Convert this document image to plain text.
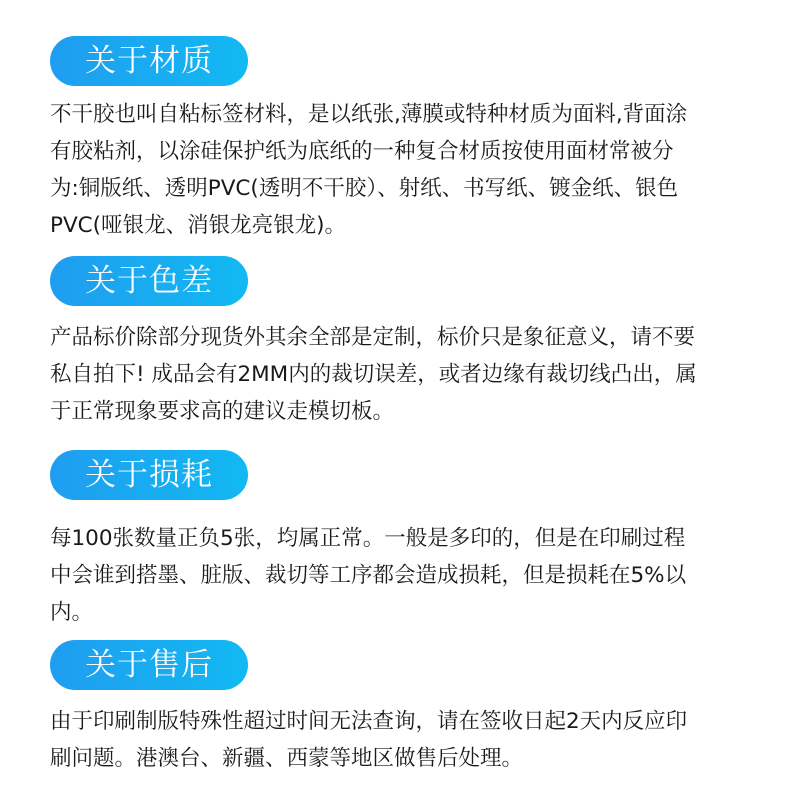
关于材质
不干胶也叫自粘标签材料，是以纸张,薄膜或特种材质为面料,背面涂
有胶粘剂，以涂硅保护纸为底纸的一种复合材质按使用面材常被分
为:铜版纸、透明PVC(透明不干胶）、射纸、书写纸、镀金纸、银色
PVC(哑银龙、消银龙亮银龙)。
关于色差
产品标价除部分现货外其余全部是定制，标价只是象征意义，请不要
私自拍下! 成品会有2MM内的裁切误差，或者边缘有裁切线凸出，属
于正常现象要求高的建议走模切板。
关于损耗
每100张数量正负5张，均属正常。一般是多印的，但是在印刷过程
中会谁到搭墨、脏版、裁切等工序都会造成损耗，但是损耗在5%以
内。
关于售后
由于印刷制版特殊性超过时间无法查询，请在签收日起2天内反应印
刷问题。港澳台、新疆、西蒙等地区做售后处理。
